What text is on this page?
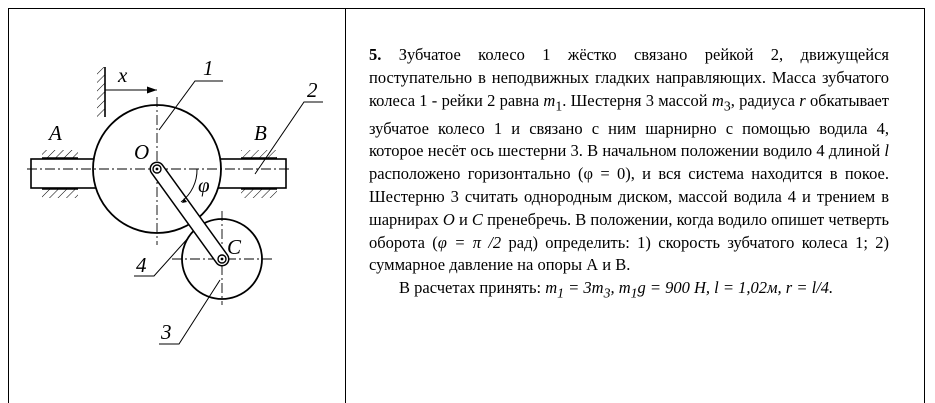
x	1
2
3
4
A	B
O
C
φ

5. Зубчатое колесо 1 жёстко связано рейкой 2, движущейся поступательно в неподвижных гладких направляющих. Масса зубчатого колеса 1 - рейки 2 равна $m_1$. Шестерня 3 массой $m_3$, радиуса r обкатывает зубчатое колесо 1 и связано с ним шарнирно с помощью водила 4, которое несёт ось шестерни 3. В начальном положении водило 4 длиной l расположено горизонтально (φ = 0), и вся система находится в покое. Шестерню 3 считать однородным диском, массой водила 4 и трением в шарнирах O и C пренебречь. В положении, когда водило опишет четверть оборота (φ = π /2 рад) определить: 1) скорость зубчатого колеса 1; 2) суммарное давление на опоры А и В.

В расчетах принять: $m_1 = 3m_3$, $m_1g = 900$ Н, l = 1,02м, r = l/4.
